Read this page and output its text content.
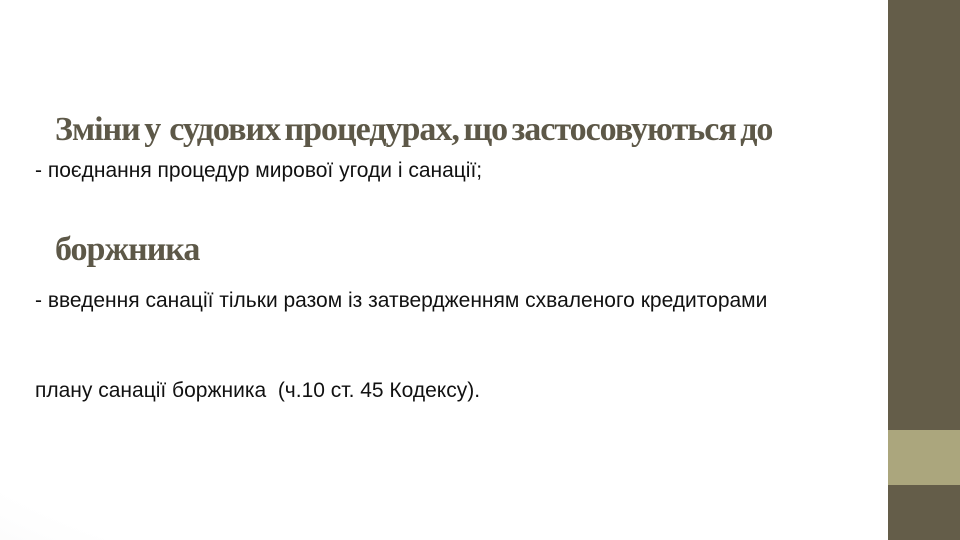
Зміни у  судових процедурах, що застосовуються до

боржника

- поєднання процедур мирової угоди і санації;

- введення санації тільки разом із затвердженням схваленого кредиторами

плану санації боржника  (ч.10 ст. 45 Кодексу).
